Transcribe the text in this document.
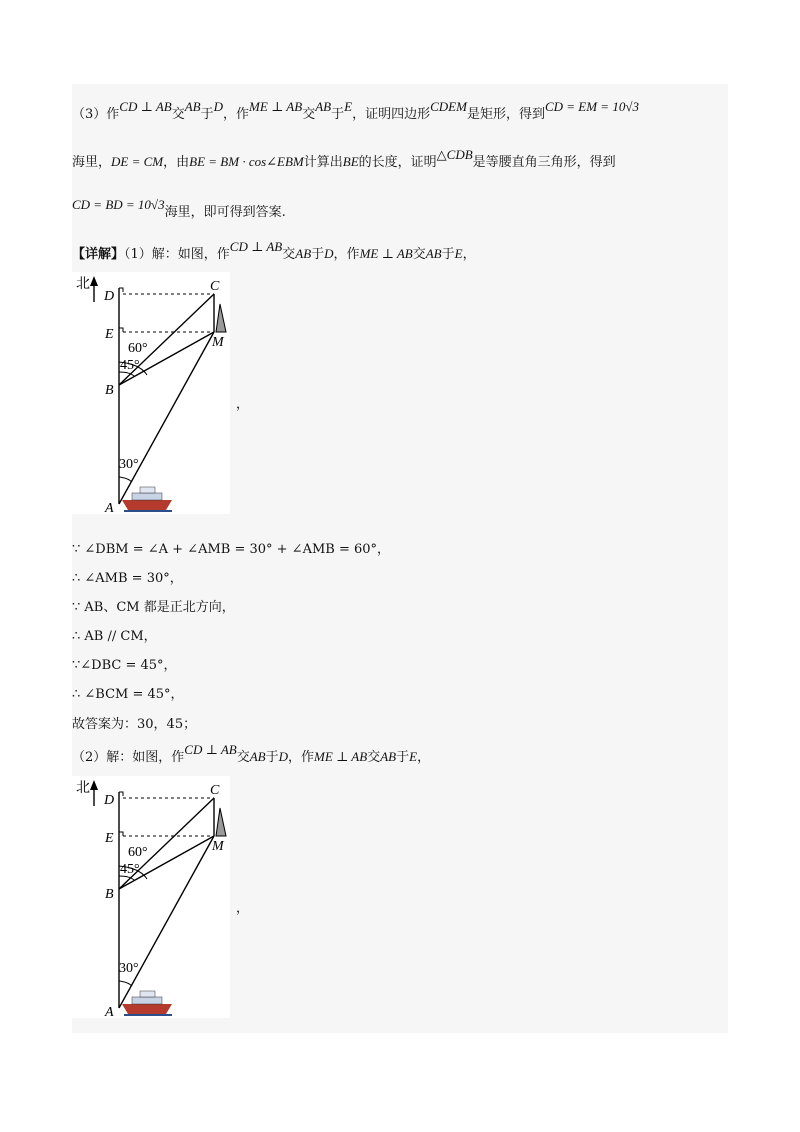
（3）作CD ⊥ AB交AB于D，作ME ⊥ AB交AB于E，证明四边形CDEM是矩形，得到CD = EM = 10√3
海里，DE = CM，由BE = BM · cos∠EBM计算出BE的长度，证明△CDB是等腰直角三角形，得到
CD = BD = 10√3海里，即可得到答案.
【详解】（1）解：如图，作CD ⊥ AB交AB于D，作ME ⊥ AB交AB于E，
北
D
C
E
M
B
A
60°
45°
30°
，
∵ ∠DBM = ∠A + ∠AMB = 30° + ∠AMB = 60°，
∴ ∠AMB = 30°，
∵ AB、CM 都是正北方向，
∴ AB // CM，
∵∠DBC = 45°，
∴ ∠BCM = 45°，
故答案为：30，45；
（2）解：如图，作CD ⊥ AB交AB于D，作ME ⊥ AB交AB于E，
北
D
C
E
M
B
A
60°
45°
30°
，
